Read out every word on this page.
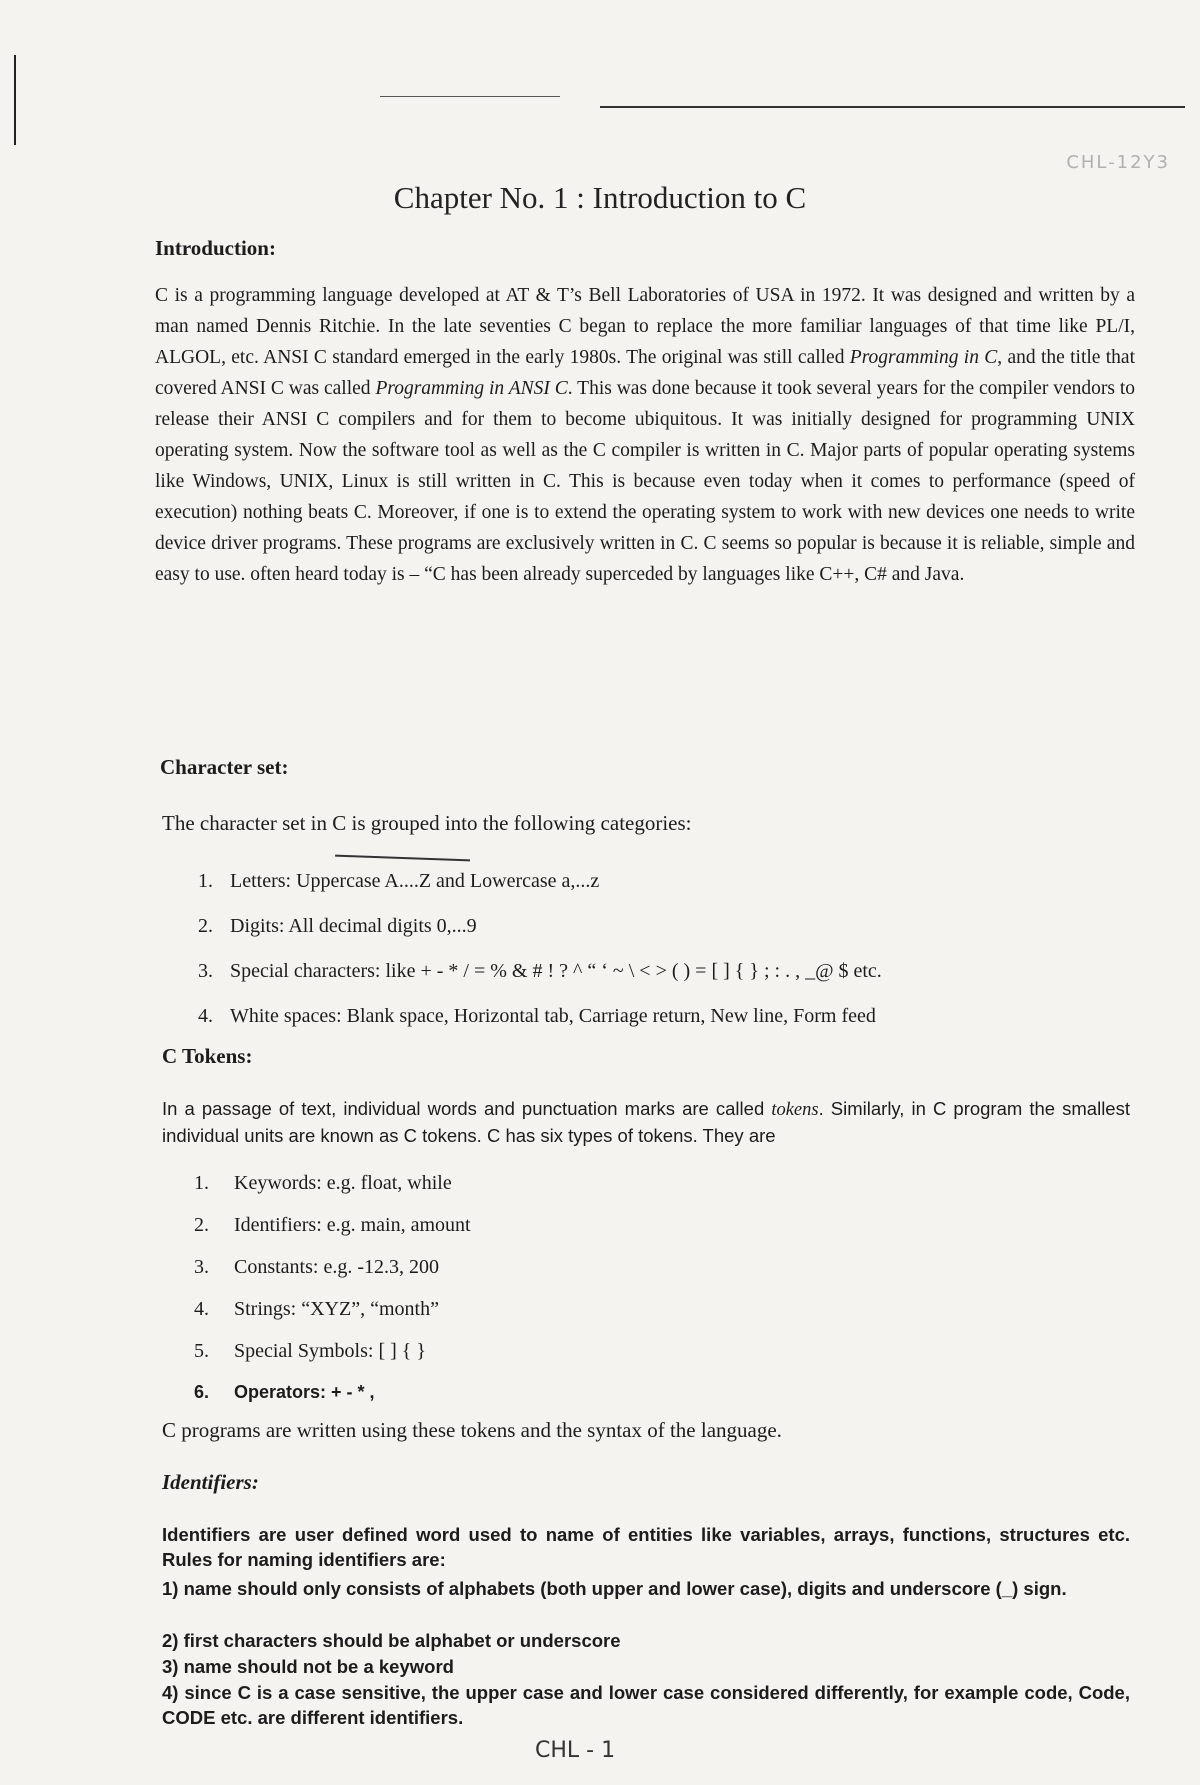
CHL-12Y3
Chapter No. 1 : Introduction to C
Introduction:

C is a programming language developed at AT & T’s Bell Laboratories of USA in 1972. It was designed and written by a man named Dennis Ritchie. In the late seventies C began to replace the more familiar languages of that time like PL/I, ALGOL, etc. ANSI C standard emerged in the early 1980s. The original was still called Programming in C, and the title that covered ANSI C was called Programming in ANSI C. This was done because it took several years for the compiler vendors to release their ANSI C compilers and for them to become ubiquitous. It was initially designed for programming UNIX operating system. Now the software tool as well as the C compiler is written in C. Major parts of popular operating systems like Windows, UNIX, Linux is still written in C. This is because even today when it comes to performance (speed of execution) nothing beats C. Moreover, if one is to extend the operating system to work with new devices one needs to write device driver programs. These programs are exclusively written in C. C seems so popular is because it is reliable, simple and easy to use. often heard today is – “C has been already superceded by languages like C++, C# and Java.

Character set:

The character set in C is grouped into the following categories:

1. Letters: Uppercase A....Z and Lowercase a,...z
2. Digits: All decimal digits 0,...9
3. Special characters: like + - * / = % & # ! ? ^ “ ‘ ~ \ < > ( ) = [ ] { } ; : . , _@ $ etc.
4. White spaces: Blank space, Horizontal tab, Carriage return, New line, Form feed
C Tokens:

In a passage of text, individual words and punctuation marks are called tokens. Similarly, in C program the smallest individual units are known as C tokens. C has six types of tokens. They are

1. Keywords: e.g. float, while
2. Identifiers: e.g. main, amount
3. Constants: e.g. -12.3, 200
4. Strings: “XYZ”, “month”
5. Special Symbols: [ ] { }
6. Operators: + - * ,

C programs are written using these tokens and the syntax of the language.

Identifiers:

Identifiers are user defined word used to name of entities like variables, arrays, functions, structures etc. Rules for naming identifiers are:

1) name should only consists of alphabets (both upper and lower case), digits and underscore (_) sign.
2) first characters should be alphabet or underscore
3) name should not be a keyword
4) since C is a case sensitive, the upper case and lower case considered differently, for example code, Code, CODE etc. are different identifiers.
CHL - 1
